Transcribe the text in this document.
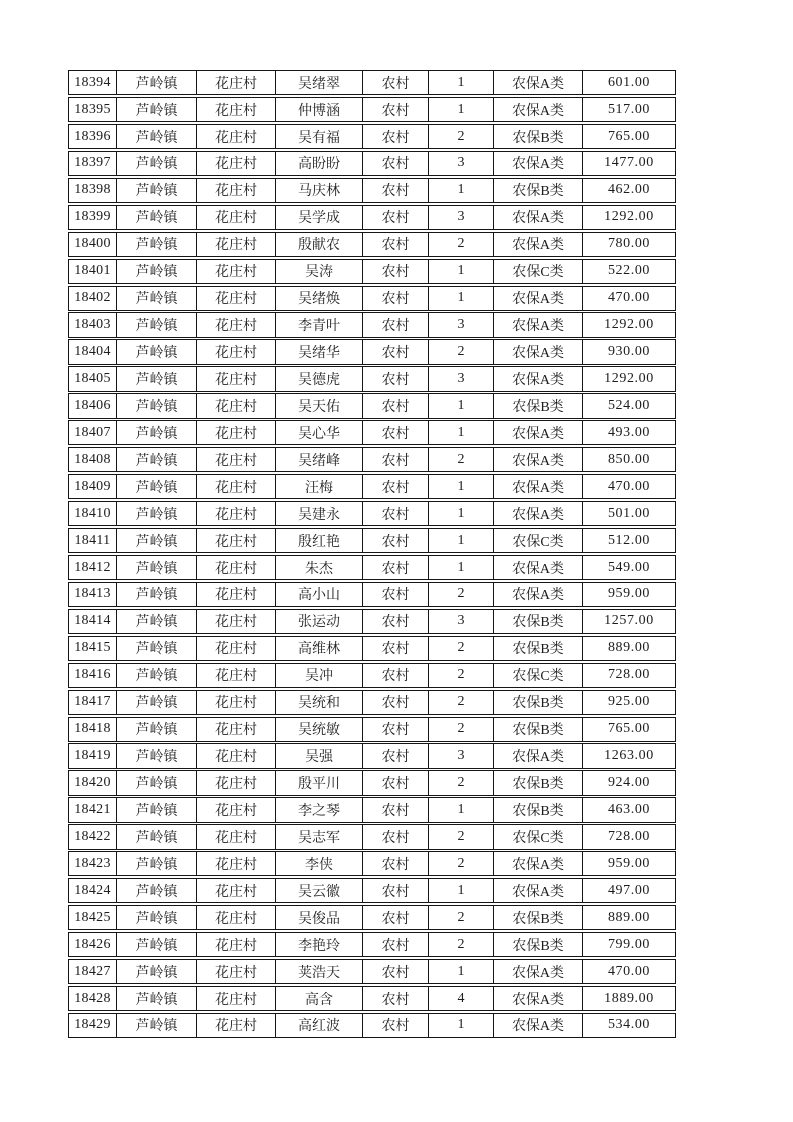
18394	芦岭镇	花庄村	吴绪翠	农村	1	农保A类	601.00
18395	芦岭镇	花庄村	仲博涵	农村	1	农保A类	517.00
18396	芦岭镇	花庄村	吴有福	农村	2	农保B类	765.00
18397	芦岭镇	花庄村	高盼盼	农村	3	农保A类	1477.00
18398	芦岭镇	花庄村	马庆林	农村	1	农保B类	462.00
18399	芦岭镇	花庄村	吴学成	农村	3	农保A类	1292.00
18400	芦岭镇	花庄村	殷献农	农村	2	农保A类	780.00
18401	芦岭镇	花庄村	吴涛	农村	1	农保C类	522.00
18402	芦岭镇	花庄村	吴绪焕	农村	1	农保A类	470.00
18403	芦岭镇	花庄村	李青叶	农村	3	农保A类	1292.00
18404	芦岭镇	花庄村	吴绪华	农村	2	农保A类	930.00
18405	芦岭镇	花庄村	吴德虎	农村	3	农保A类	1292.00
18406	芦岭镇	花庄村	吴天佑	农村	1	农保B类	524.00
18407	芦岭镇	花庄村	吴心华	农村	1	农保A类	493.00
18408	芦岭镇	花庄村	吴绪峰	农村	2	农保A类	850.00
18409	芦岭镇	花庄村	汪梅	农村	1	农保A类	470.00
18410	芦岭镇	花庄村	吴建永	农村	1	农保A类	501.00
18411	芦岭镇	花庄村	殷红艳	农村	1	农保C类	512.00
18412	芦岭镇	花庄村	朱杰	农村	1	农保A类	549.00
18413	芦岭镇	花庄村	高小山	农村	2	农保A类	959.00
18414	芦岭镇	花庄村	张运动	农村	3	农保B类	1257.00
18415	芦岭镇	花庄村	高维林	农村	2	农保B类	889.00
18416	芦岭镇	花庄村	吴冲	农村	2	农保C类	728.00
18417	芦岭镇	花庄村	吴统和	农村	2	农保B类	925.00
18418	芦岭镇	花庄村	吴统敏	农村	2	农保B类	765.00
18419	芦岭镇	花庄村	吴强	农村	3	农保A类	1263.00
18420	芦岭镇	花庄村	殷平川	农村	2	农保B类	924.00
18421	芦岭镇	花庄村	李之琴	农村	1	农保B类	463.00
18422	芦岭镇	花庄村	吴志军	农村	2	农保C类	728.00
18423	芦岭镇	花庄村	李侠	农村	2	农保A类	959.00
18424	芦岭镇	花庄村	吴云徽	农村	1	农保A类	497.00
18425	芦岭镇	花庄村	吴俊品	农村	2	农保B类	889.00
18426	芦岭镇	花庄村	李艳玲	农村	2	农保B类	799.00
18427	芦岭镇	花庄村	荚浩天	农村	1	农保A类	470.00
18428	芦岭镇	花庄村	高含	农村	4	农保A类	1889.00
18429	芦岭镇	花庄村	高红波	农村	1	农保A类	534.00
